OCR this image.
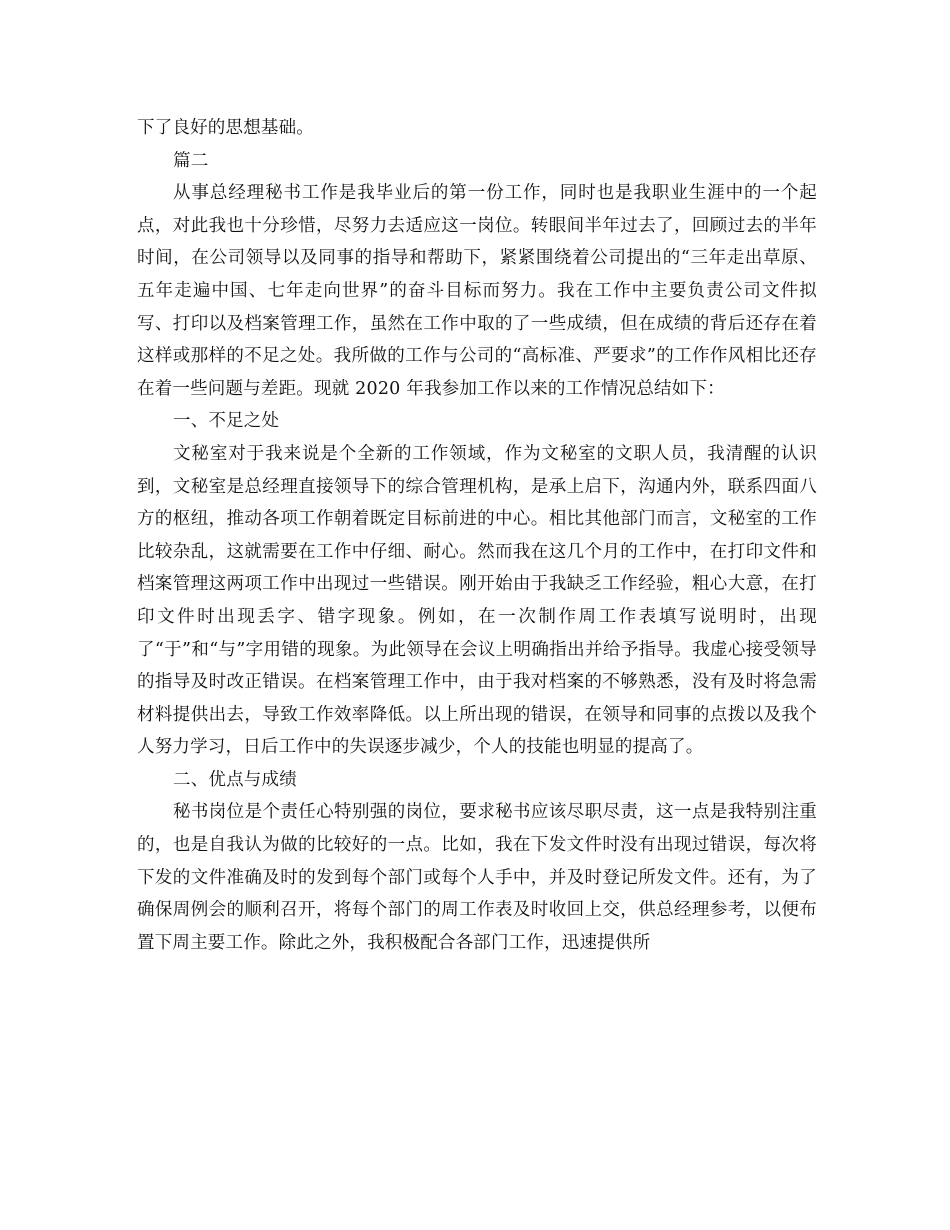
下了良好的思想基础。

篇二

从事总经理秘书工作是我毕业后的第一份工作，同时也是我职业生涯中的一个起点，对此我也十分珍惜，尽努力去适应这一岗位。转眼间半年过去了，回顾过去的半年时间，在公司领导以及同事的指导和帮助下，紧紧围绕着公司提出的“三年走出草原、五年走遍中国、七年走向世界”的奋斗目标而努力。我在工作中主要负责公司文件拟写、打印以及档案管理工作，虽然在工作中取的了一些成绩，但在成绩的背后还存在着这样或那样的不足之处。我所做的工作与公司的“高标准、严要求”的工作作风相比还存在着一些问题与差距。现就 2020 年我参加工作以来的工作情况总结如下：

一、不足之处

文秘室对于我来说是个全新的工作领域，作为文秘室的文职人员，我清醒的认识到，文秘室是总经理直接领导下的综合管理机构，是承上启下，沟通内外，联系四面八方的枢纽，推动各项工作朝着既定目标前进的中心。相比其他部门而言，文秘室的工作比较杂乱，这就需要在工作中仔细、耐心。然而我在这几个月的工作中，在打印文件和档案管理这两项工作中出现过一些错误。刚开始由于我缺乏工作经验，粗心大意，在打印文件时出现丢字、错字现象。例如，在一次制作周工作表填写说明时，出现了“于”和“与”字用错的现象。为此领导在会议上明确指出并给予指导。我虚心接受领导的指导及时改正错误。在档案管理工作中，由于我对档案的不够熟悉，没有及时将急需材料提供出去，导致工作效率降低。以上所出现的错误，在领导和同事的点拨以及我个人努力学习，日后工作中的失误逐步减少，个人的技能也明显的提高了。

二、优点与成绩

秘书岗位是个责任心特别强的岗位，要求秘书应该尽职尽责，这一点是我特别注重的，也是自我认为做的比较好的一点。比如，我在下发文件时没有出现过错误，每次将下发的文件准确及时的发到每个部门或每个人手中，并及时登记所发文件。还有，为了确保周例会的顺利召开，将每个部门的周工作表及时收回上交，供总经理参考，以便布置下周主要工作。除此之外，我积极配合各部门工作，迅速提供所
